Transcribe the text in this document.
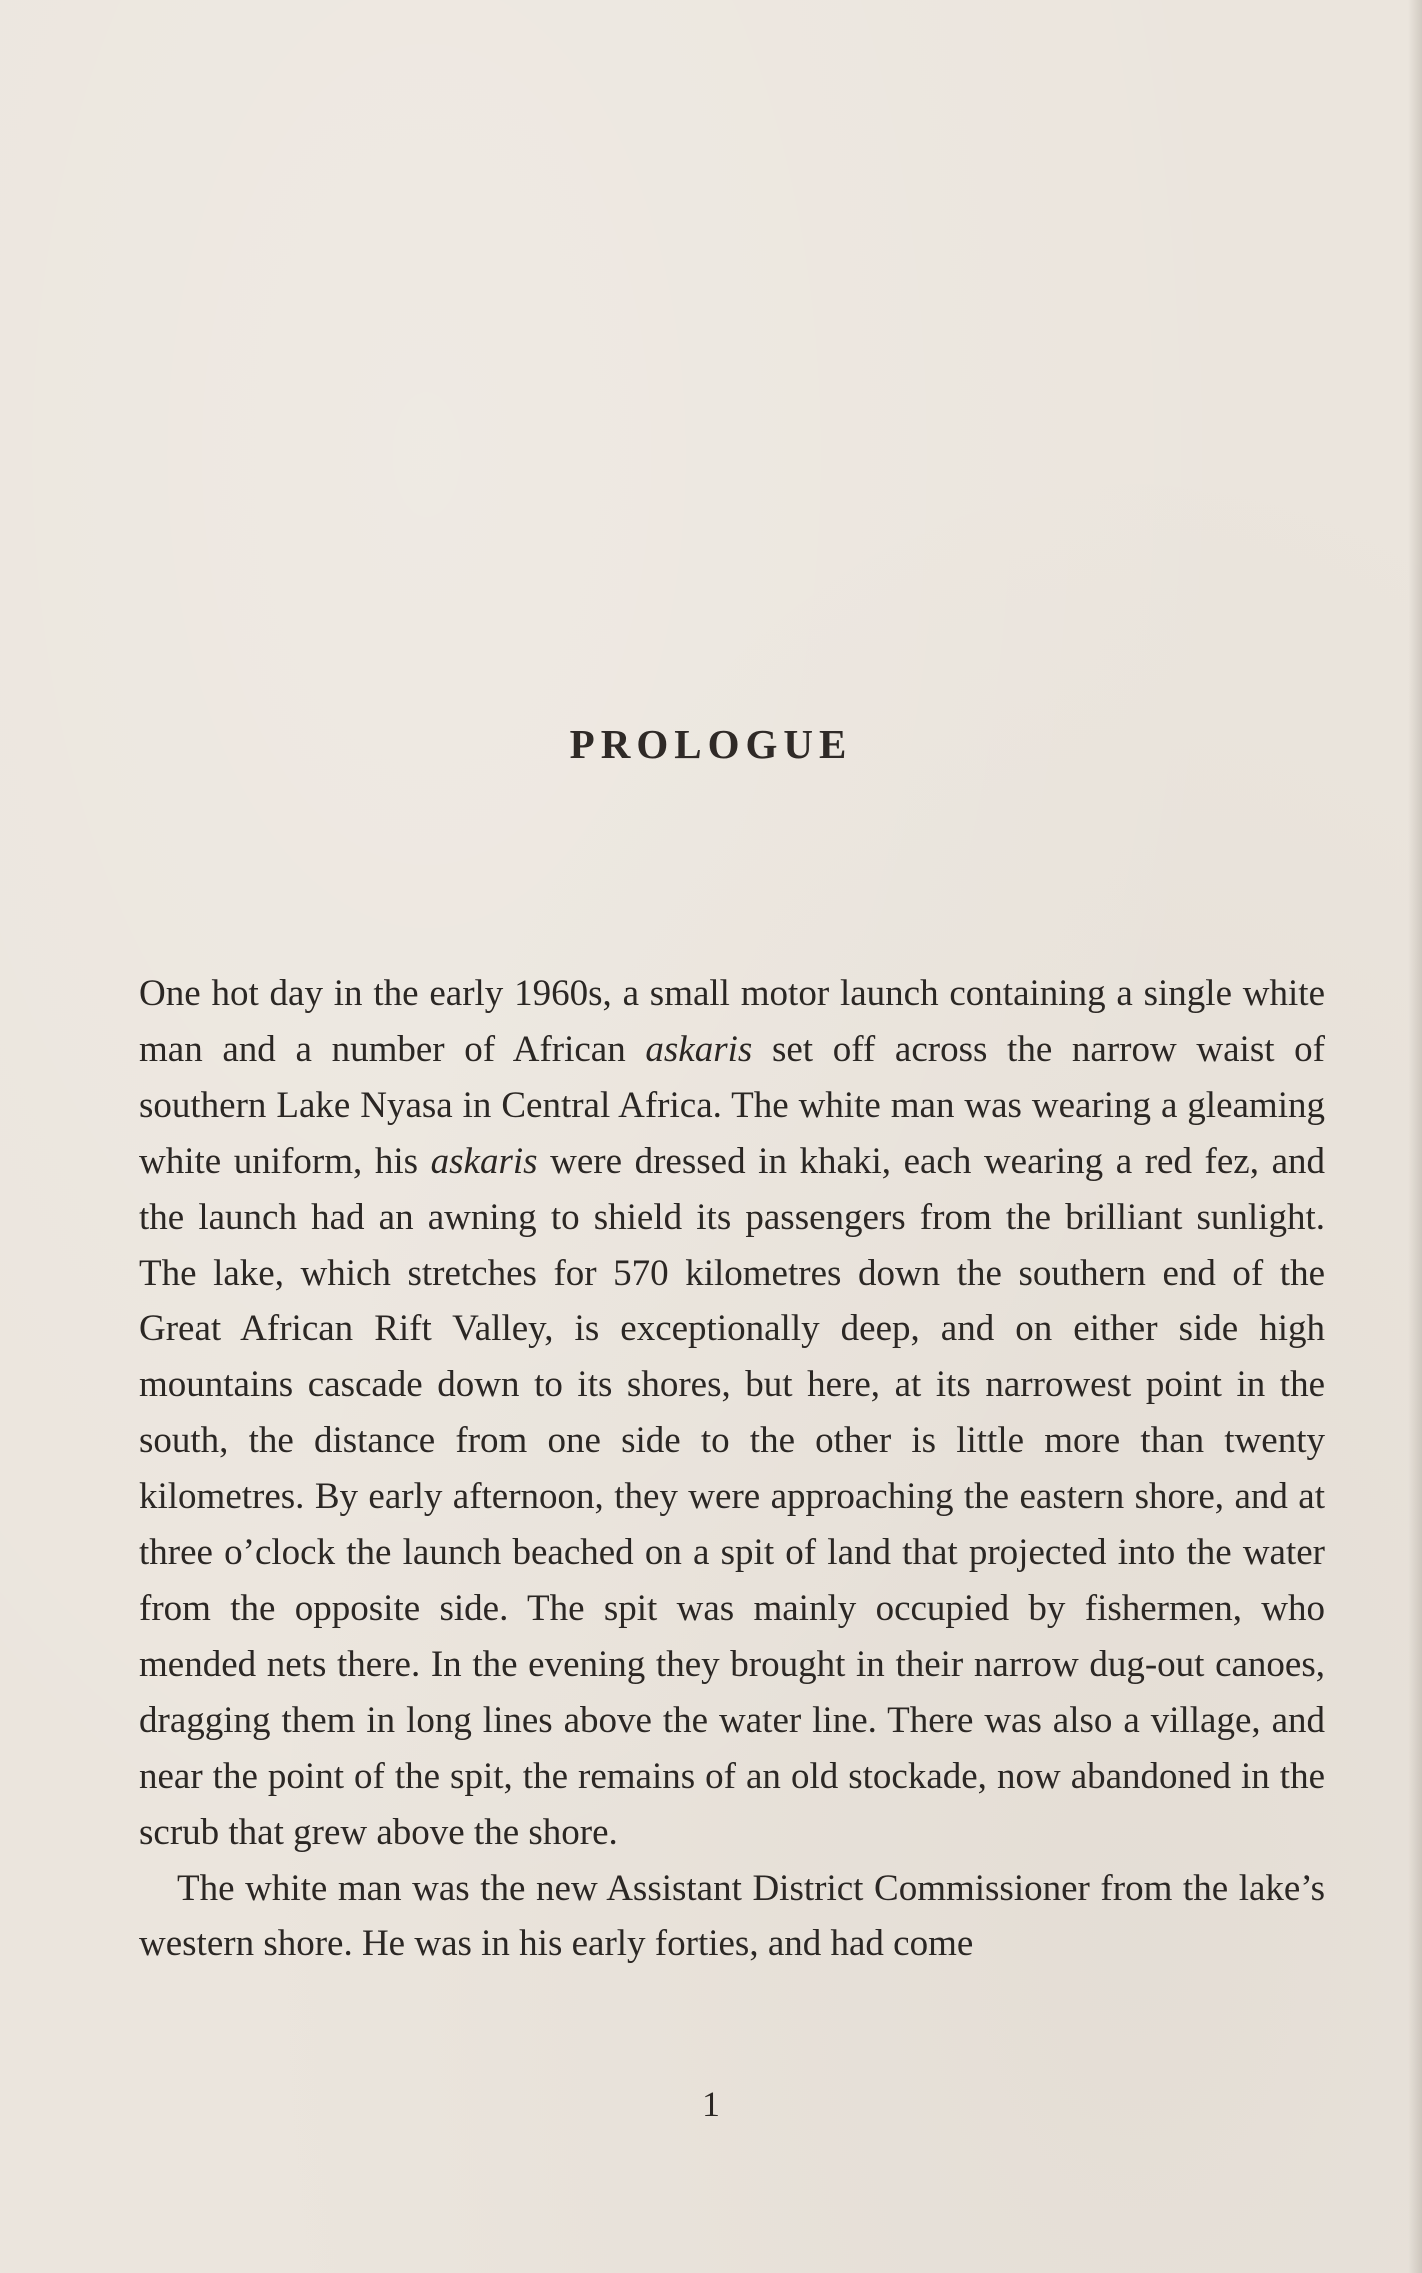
PROLOGUE

One hot day in the early 1960s, a small motor launch containing a single white man and a number of African askaris set off across the narrow waist of southern Lake Nyasa in Central Africa. The white man was wearing a gleaming white uniform, his askaris were dressed in khaki, each wearing a red fez, and the launch had an awning to shield its passengers from the brilliant sunlight. The lake, which stretches for 570 kilometres down the southern end of the Great African Rift Valley, is exceptionally deep, and on either side high mountains cascade down to its shores, but here, at its narrowest point in the south, the distance from one side to the other is little more than twenty kilometres. By early afternoon, they were approaching the eastern shore, and at three o’clock the launch beached on a spit of land that projected into the water from the opposite side. The spit was mainly occupied by fishermen, who mended nets there. In the evening they brought in their narrow dug-out canoes, dragging them in long lines above the water line. There was also a village, and near the point of the spit, the remains of an old stockade, now abandoned in the scrub that grew above the shore.

The white man was the new Assistant District Commissioner from the lake’s western shore. He was in his early forties, and had come

1
